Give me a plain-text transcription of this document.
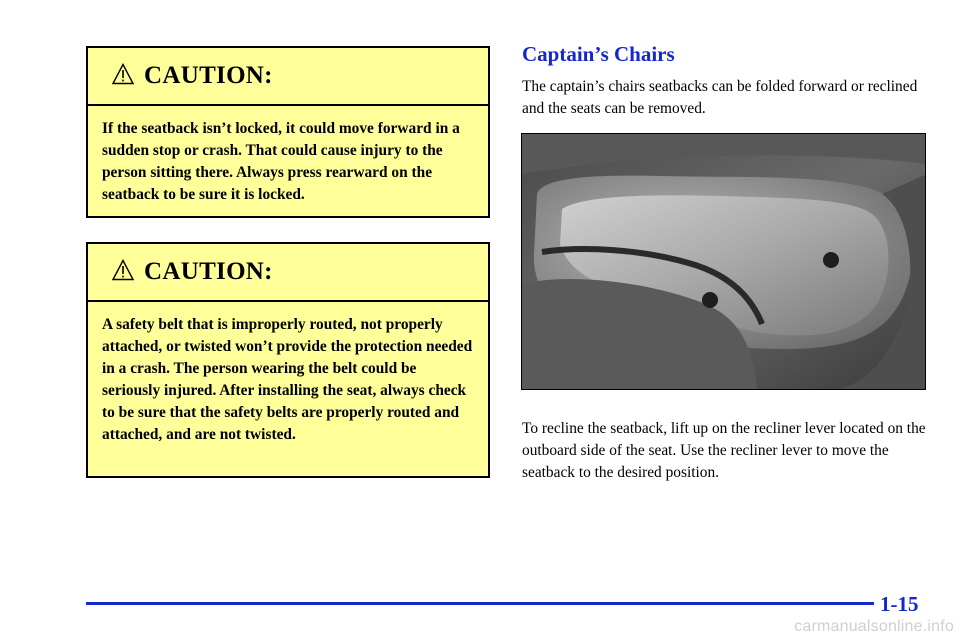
CAUTION:
If the seatback isn’t locked, it could move forward in a sudden stop or crash. That could cause injury to the person sitting there. Always press rearward on the seatback to be sure it is locked.
CAUTION:
A safety belt that is improperly routed, not properly attached, or twisted won’t provide the protection needed in a crash. The person wearing the belt could be seriously injured. After installing the seat, always check to be sure that the safety belts are properly routed and attached, and are not twisted.
Captain’s Chairs

The captain’s chairs seatbacks can be folded forward or reclined and the seats can be removed.

To recline the seatback, lift up on the recliner lever located on the outboard side of the seat. Use the recliner lever to move the seatback to the desired position.

1-15
carmanualsonline.info
